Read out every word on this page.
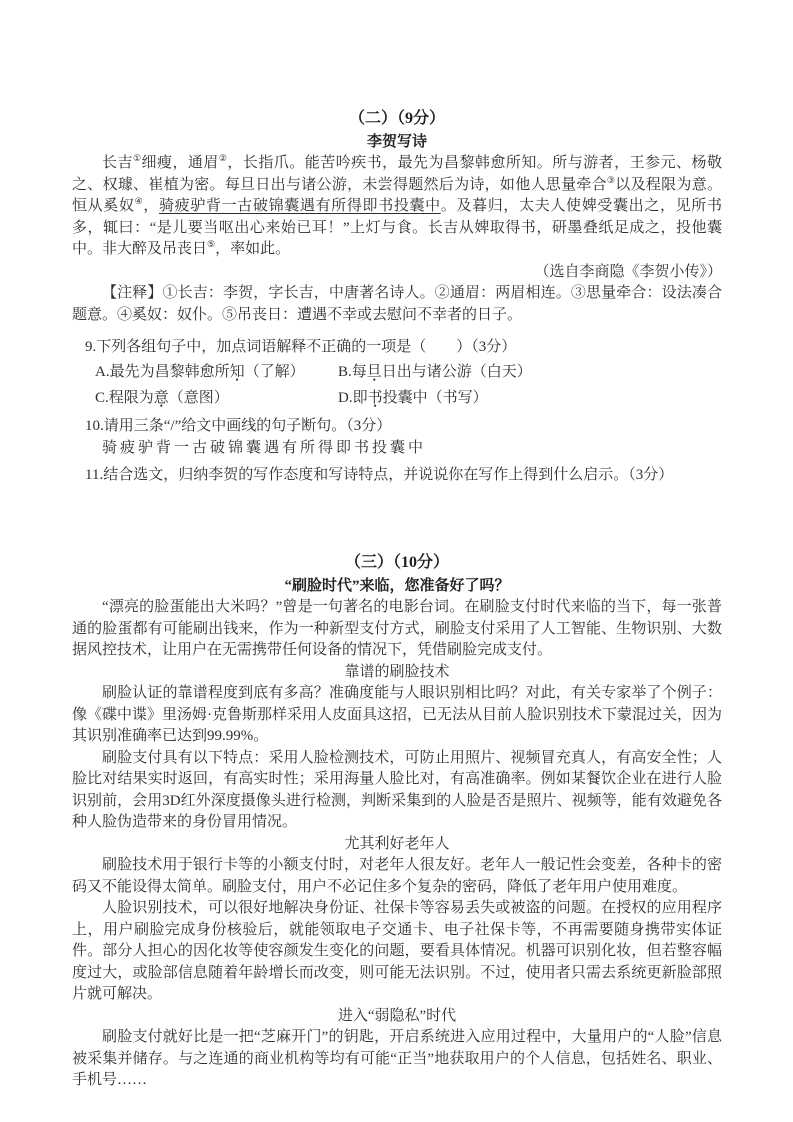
（二）（9分）
李贺写诗

长吉①细瘦，通眉②，长指爪。能苦吟疾书，最先为昌黎韩愈所知。所与游者，王参元、杨敬之、权璩、崔植为密。每旦日出与诸公游，未尝得题然后为诗，如他人思量牵合③以及程限为意。恒从奚奴④，骑疲驴背一古破锦囊遇有所得即书投囊中。及暮归，太夫人使婢受囊出之，见所书多，辄曰：“是儿要当呕出心来始已耳！”上灯与食。长吉从婢取得书，研墨叠纸足成之，投他囊中。非大醉及吊丧日⑤，率如此。

（选自李商隐《李贺小传》）

【注释】①长吉：李贺，字长吉，中唐著名诗人。②通眉：两眉相连。③思量牵合：设法凑合题意。④奚奴：奴仆。⑤吊丧日：遭遇不幸或去慰问不幸者的日子。

9.下列各组句子中，加点词语解释不正确的一项是（　　）（3分）
A.最先为昌黎韩愈所知（了解）	B.每旦日出与诸公游（白天）
C.程限为意（意图）	D.即书投囊中（书写）
10.请用三条“/”给文中画线的句子断句。（3分）
骑疲驴背一古破锦囊遇有所得即书投囊中
11.结合选文，归纳李贺的写作态度和写诗特点，并说说你在写作上得到什么启示。（3分）
（三）（10分）
“刷脸时代”来临，您准备好了吗？

“漂亮的脸蛋能出大米吗？”曾是一句著名的电影台词。在刷脸支付时代来临的当下，每一张普通的脸蛋都有可能刷出钱来，作为一种新型支付方式，刷脸支付采用了人工智能、生物识别、大数据风控技术，让用户在无需携带任何设备的情况下，凭借刷脸完成支付。

靠谱的刷脸技术

刷脸认证的靠谱程度到底有多高？准确度能与人眼识别相比吗？对此，有关专家举了个例子：像《碟中谍》里汤姆·克鲁斯那样采用人皮面具这招，已无法从目前人脸识别技术下蒙混过关，因为其识别准确率已达到99.99%。

刷脸支付具有以下特点：采用人脸检测技术，可防止用照片、视频冒充真人，有高安全性；人脸比对结果实时返回，有高实时性；采用海量人脸比对，有高准确率。例如某餐饮企业在进行人脸识别前，会用3D红外深度摄像头进行检测，判断采集到的人脸是否是照片、视频等，能有效避免各种人脸伪造带来的身份冒用情况。

尤其利好老年人

刷脸技术用于银行卡等的小额支付时，对老年人很友好。老年人一般记性会变差，各种卡的密码又不能设得太简单。刷脸支付，用户不必记住多个复杂的密码，降低了老年用户使用难度。

人脸识别技术，可以很好地解决身份证、社保卡等容易丢失或被盗的问题。在授权的应用程序上，用户刷脸完成身份核验后，就能领取电子交通卡、电子社保卡等，不再需要随身携带实体证件。部分人担心的因化妆等使容颜发生变化的问题，要看具体情况。机器可识别化妆，但若整容幅度过大，或脸部信息随着年龄增长而改变，则可能无法识别。不过，使用者只需去系统更新脸部照片就可解决。

进入“弱隐私”时代

刷脸支付就好比是一把“芝麻开门”的钥匙，开启系统进入应用过程中，大量用户的“人脸”信息被采集并储存。与之连通的商业机构等均有可能“正当”地获取用户的个人信息，包括姓名、职业、手机号……
